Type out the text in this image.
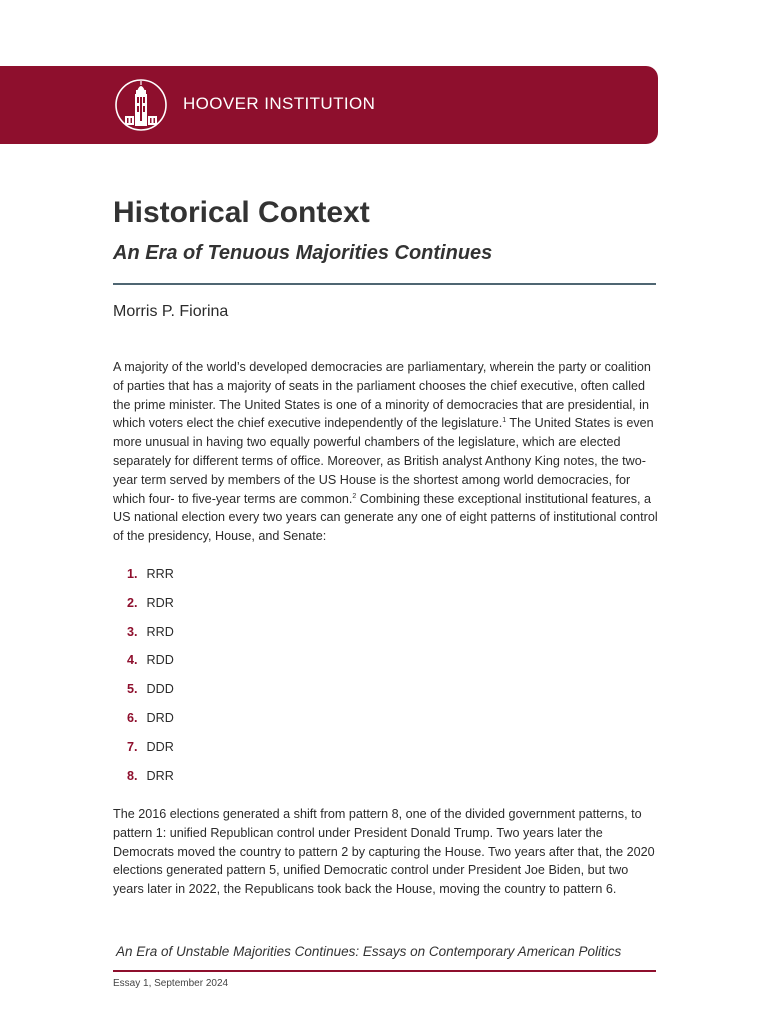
HOOVER INSTITUTION
Historical Context
An Era of Tenuous Majorities Continues
Morris P. Fiorina

A majority of the world’s developed democracies are parliamentary, wherein the party or coalition of parties that has a majority of seats in the parliament chooses the chief executive, often called the prime minister. The United States is one of a minority of democracies that are presidential, in which voters elect the chief executive independently of the legislature.$^1$ The United States is even more unusual in having two equally powerful chambers of the legislature, which are elected separately for different terms of office. Moreover, as British analyst Anthony King notes, the two-year term served by members of the US House is the shortest among world democracies, for which four- to five-year terms are common.$^2$ Combining these exceptional institutional features, a US national election every two years can generate any one of eight patterns of institutional control of the presidency, House, and Senate:

1. RRR
2. RDR
3. RRD
4. RDD
5. DDD
6. DRD
7. DDR
8. DRR

The 2016 elections generated a shift from pattern 8, one of the divided government patterns, to pattern 1: unified Republican control under President Donald Trump. Two years later the Democrats moved the country to pattern 2 by capturing the House. Two years after that, the 2020 elections generated pattern 5, unified Democratic control under President Joe Biden, but two years later in 2022, the Republicans took back the House, moving the country to pattern 6.

An Era of Unstable Majorities Continues: Essays on Contemporary American Politics

Essay 1, September 2024
